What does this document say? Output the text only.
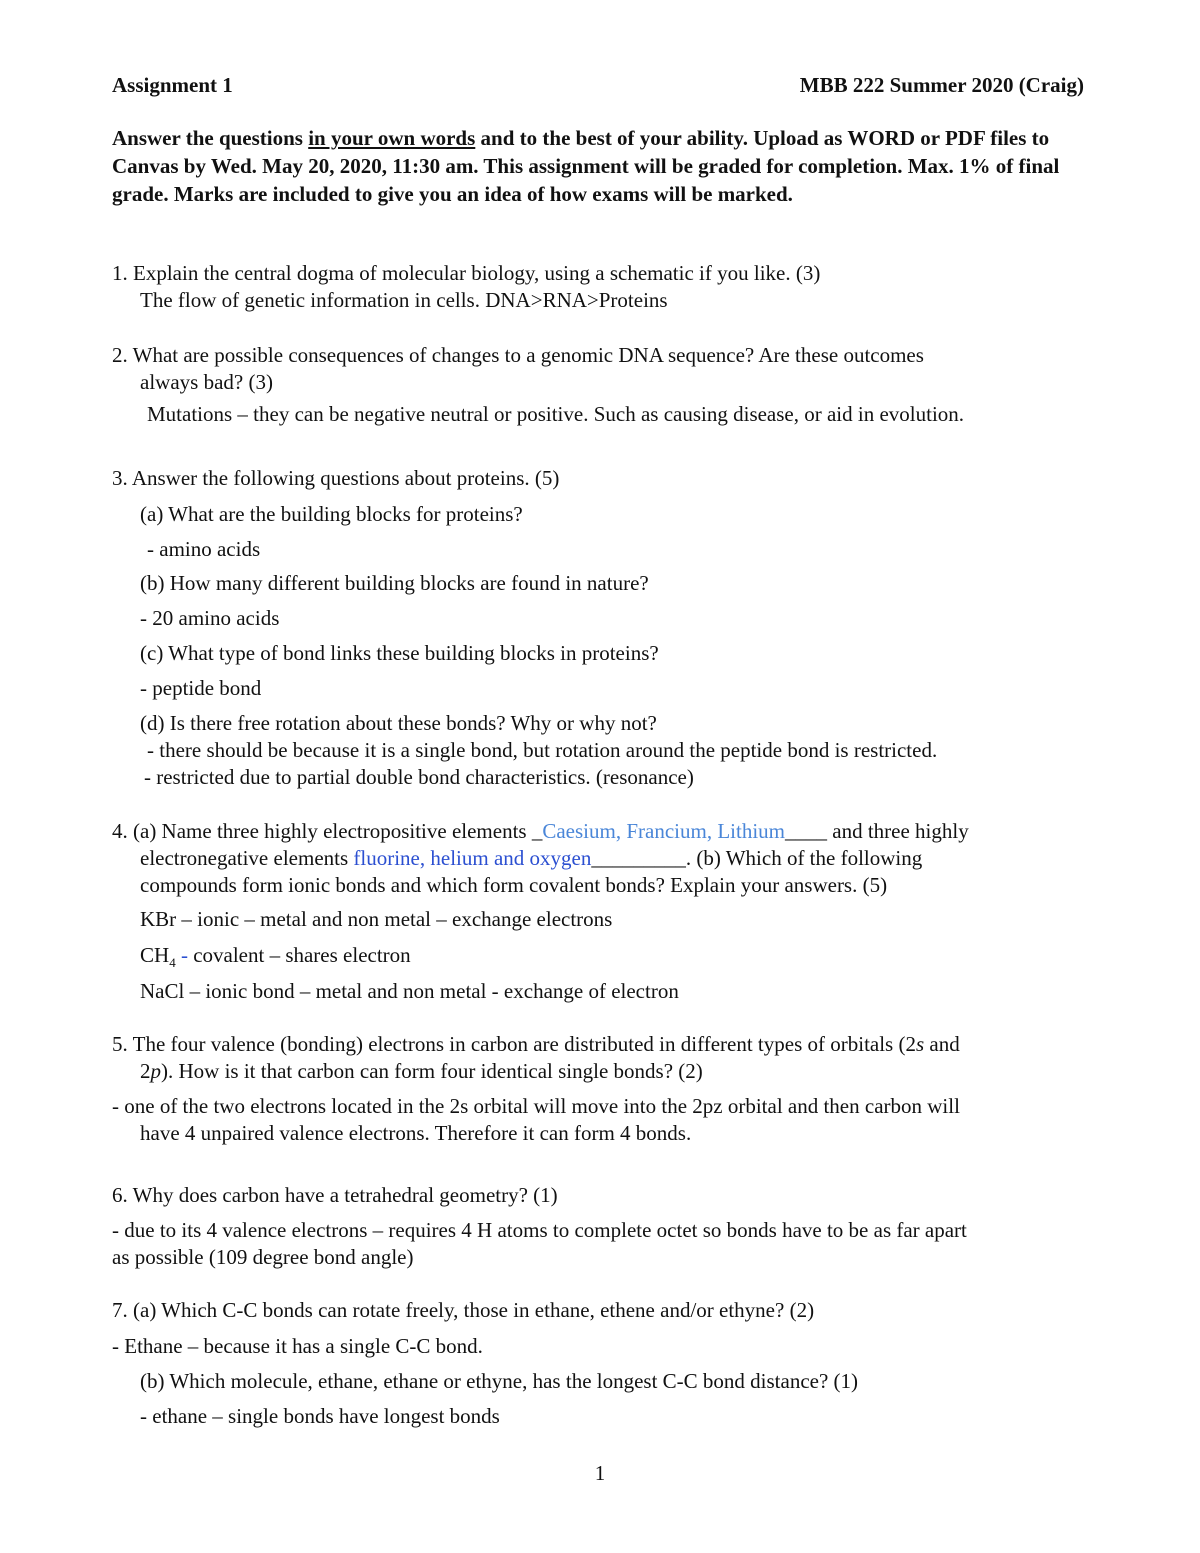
Assignment 1	MBB 222 Summer 2020 (Craig)
Answer the questions in your own words and to the best of your ability. Upload as WORD or PDF files to Canvas by Wed. May 20, 2020, 11:30 am. This assignment will be graded for completion. Max. 1% of final grade. Marks are included to give you an idea of how exams will be marked.

1. Explain the central dogma of molecular biology, using a schematic if you like. (3)

The flow of genetic information in cells. DNA>RNA>Proteins

2. What are possible consequences of changes to a genomic DNA sequence? Are these outcomes

always bad? (3)

Mutations – they can be negative neutral or positive. Such as causing disease, or aid in evolution.

3. Answer the following questions about proteins. (5)

(a) What are the building blocks for proteins?

- amino acids

(b) How many different building blocks are found in nature?

- 20 amino acids

(c) What type of bond links these building blocks in proteins?

- peptide bond

(d) Is there free rotation about these bonds? Why or why not?

- there should be because it is a single bond, but rotation around the peptide bond is restricted.

- restricted due to partial double bond characteristics. (resonance)

4. (a) Name three highly electropositive elements _Caesium, Francium, Lithium____ and three highly

electronegative elements fluorine, helium and oxygen_________. (b) Which of the following

compounds form ionic bonds and which form covalent bonds? Explain your answers. (5)

KBr – ionic – metal and non metal – exchange electrons

$CH_4$ - covalent – shares electron

NaCl – ionic bond – metal and non metal - exchange of electron

5. The four valence (bonding) electrons in carbon are distributed in different types of orbitals (2s and

2p). How is it that carbon can form four identical single bonds? (2)

- one of the two electrons located in the 2s orbital will move into the 2pz orbital and then carbon will

have 4 unpaired valence electrons. Therefore it can form 4 bonds.

6. Why does carbon have a tetrahedral geometry? (1)

- due to its 4 valence electrons – requires 4 H atoms to complete octet so bonds have to be as far apart

as possible (109 degree bond angle)

7. (a) Which C-C bonds can rotate freely, those in ethane, ethene and/or ethyne? (2)

- Ethane – because it has a single C-C bond.

(b) Which molecule, ethane, ethane or ethyne, has the longest C-C bond distance? (1)

- ethane – single bonds have longest bonds

1
